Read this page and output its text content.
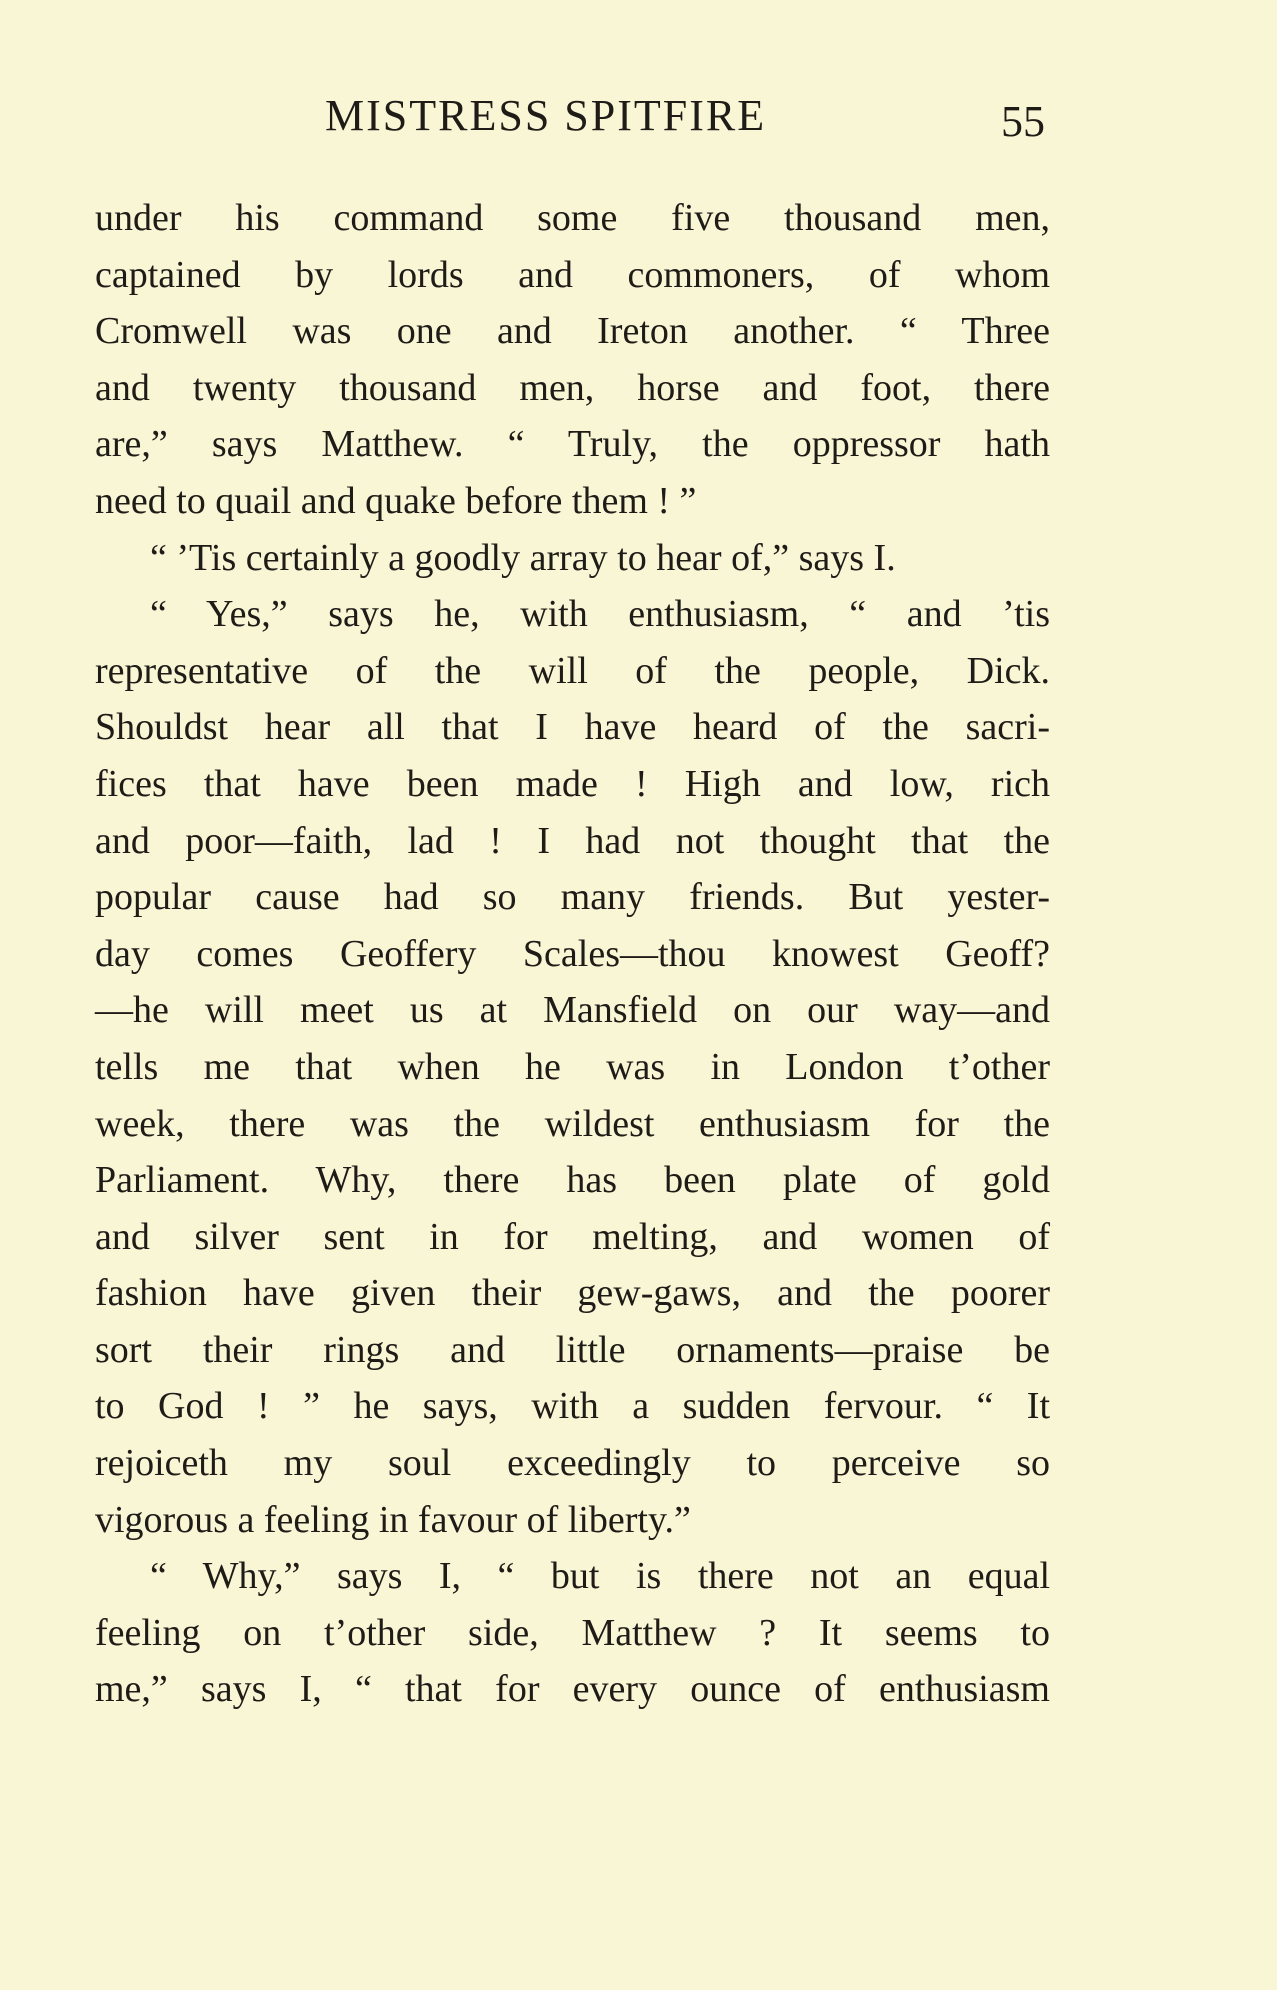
MISTRESS SPITFIRE	55
under his command some five thousand men,
captained by lords and commoners, of whom
Cromwell was one and Ireton another. “ Three
and twenty thousand men, horse and foot, there
are,” says Matthew. “ Truly, the oppressor hath
need to quail and quake before them ! ”
“ ’Tis certainly a goodly array to hear of,” says I.
“ Yes,” says he, with enthusiasm, “ and ’tis
representative of the will of the people, Dick.
Shouldst hear all that I have heard of the sacri-
fices that have been made ! High and low, rich
and poor—faith, lad ! I had not thought that the
popular cause had so many friends. But yester-
day comes Geoffery Scales—thou knowest Geoff?
—he will meet us at Mansfield on our way—and
tells me that when he was in London t’other
week, there was the wildest enthusiasm for the
Parliament. Why, there has been plate of gold
and silver sent in for melting, and women of
fashion have given their gew-gaws, and the poorer
sort their rings and little ornaments—praise be
to God ! ” he says, with a sudden fervour. “ It
rejoiceth my soul exceedingly to perceive so
vigorous a feeling in favour of liberty.”
“ Why,” says I, “ but is there not an equal
feeling on t’other side, Matthew ? It seems to
me,” says I, “ that for every ounce of enthusiasm
